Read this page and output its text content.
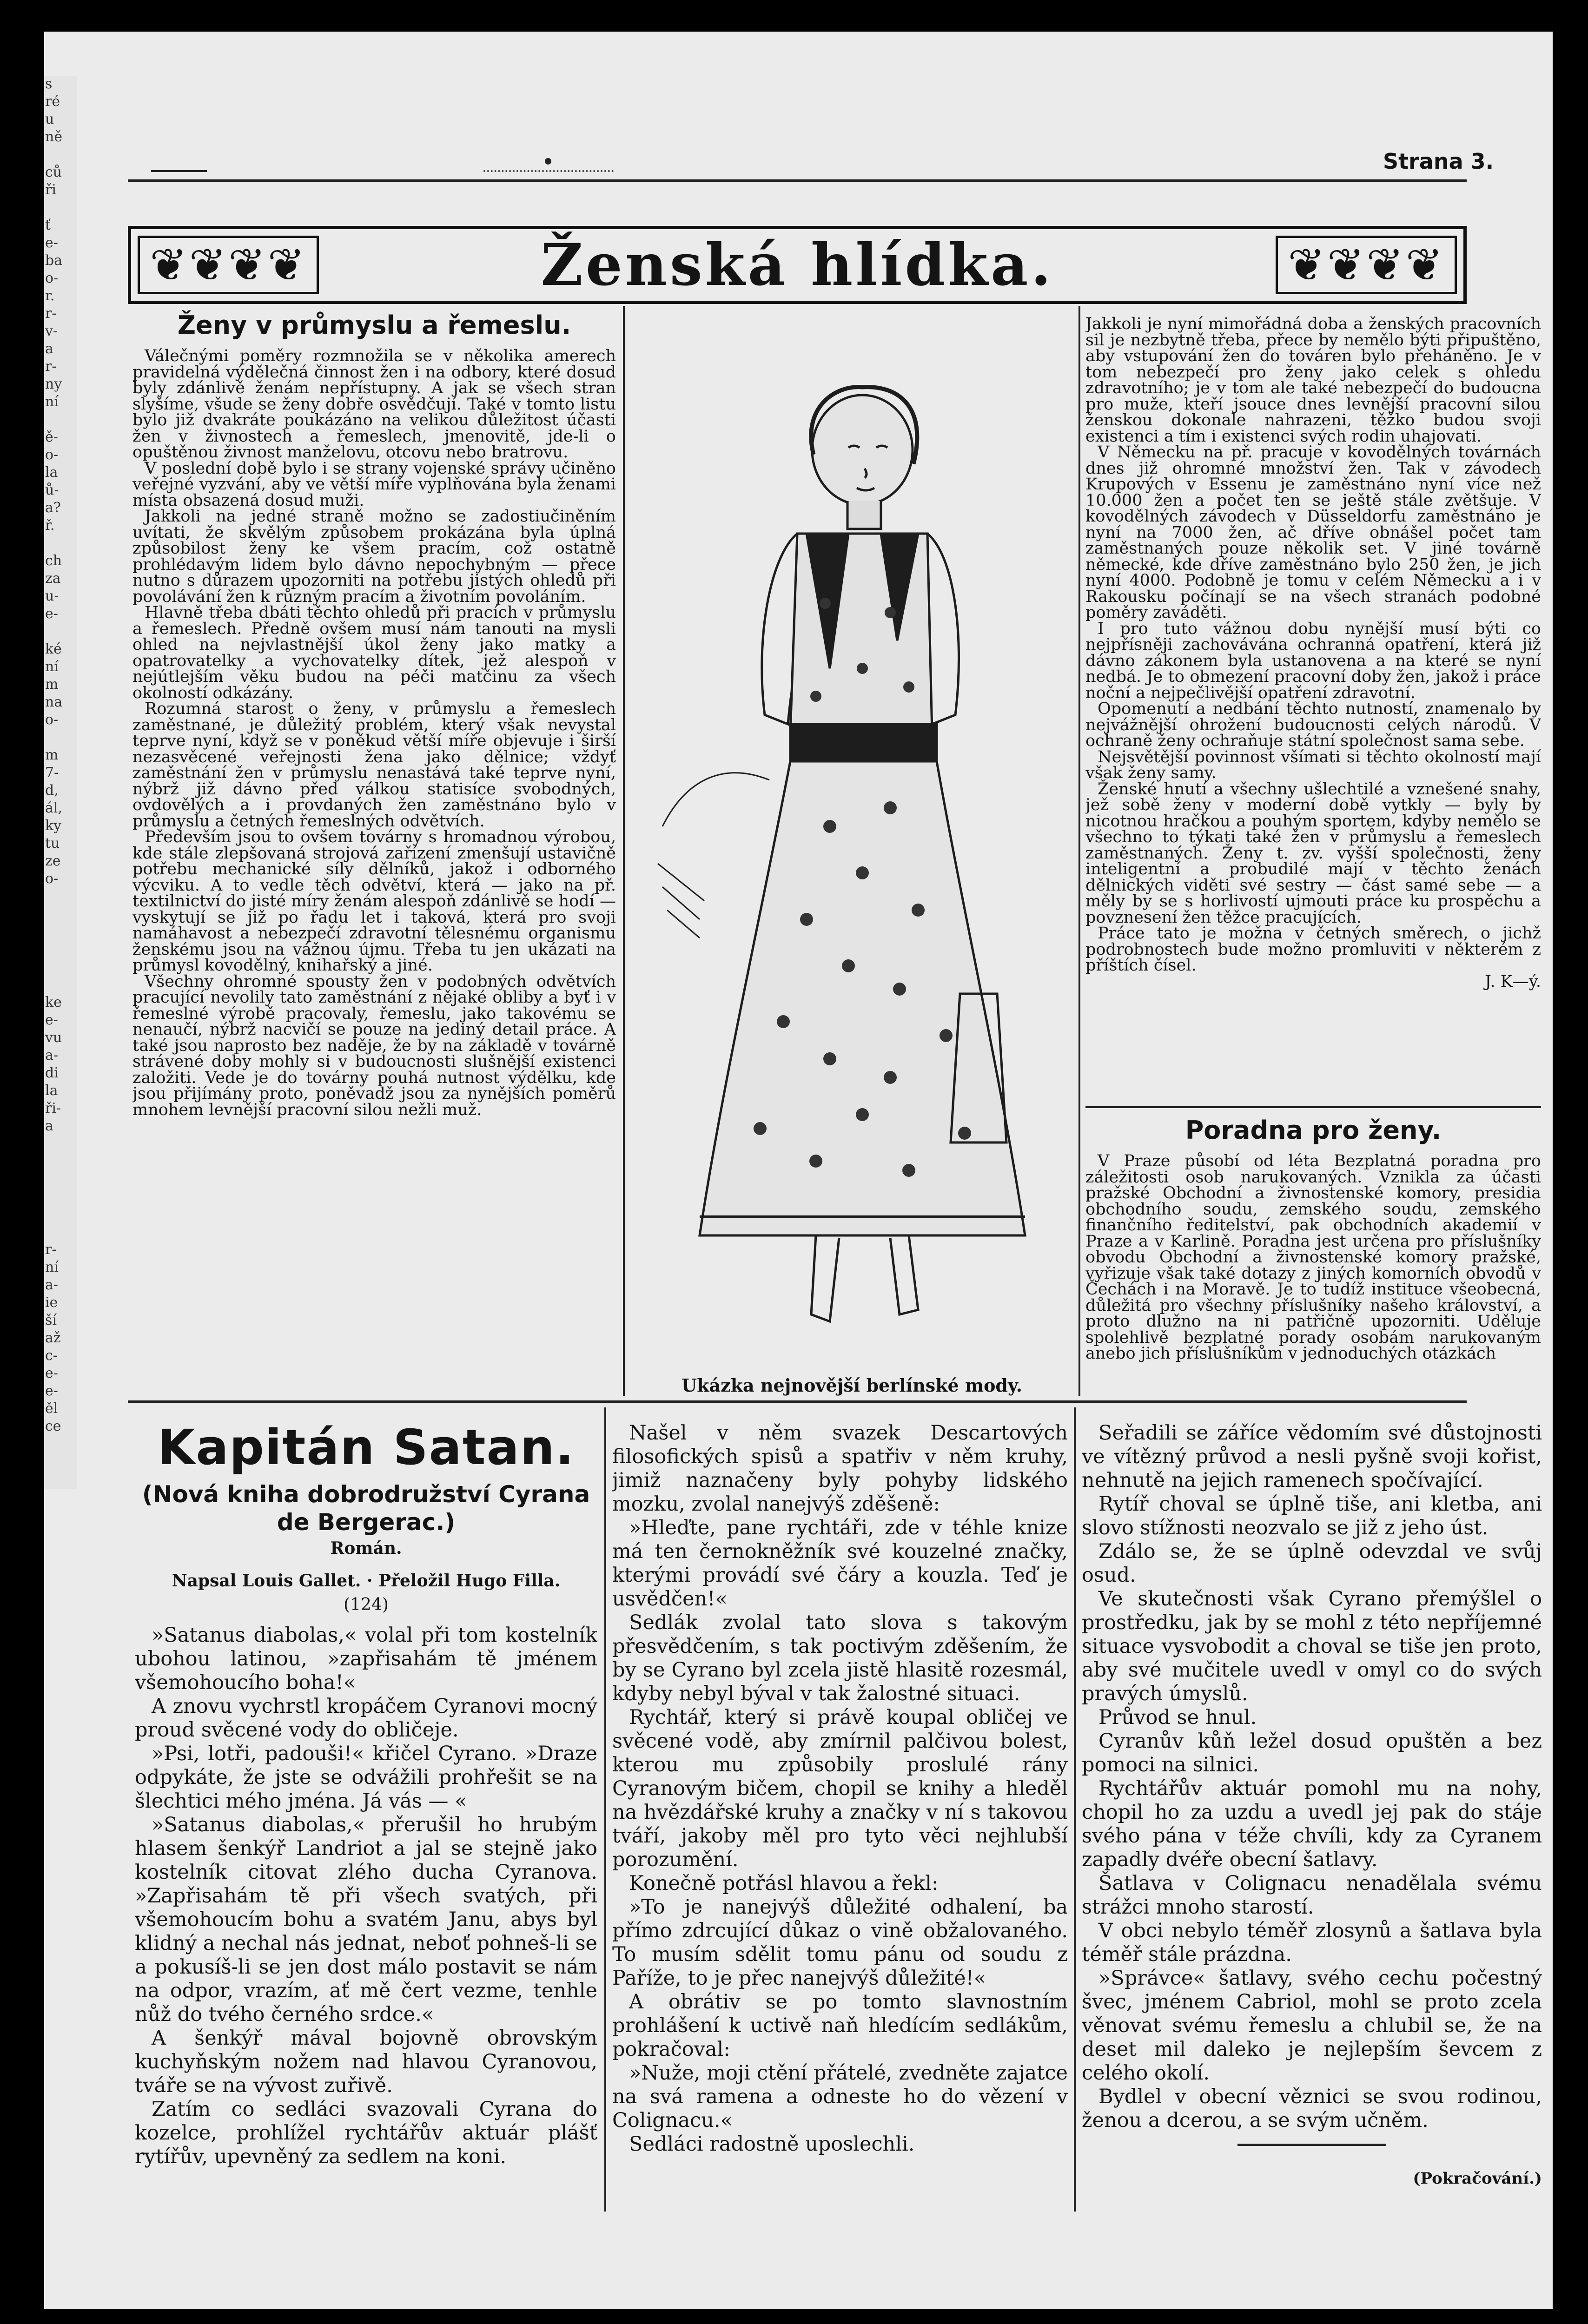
s
ré
u
ně
ců
ři
ť
e-
ba
o-
r.
r-
v-
a
r-
ny
ní
ě-
o-
la
ů-
a?
ř.
ch
za
u-
e-
ké
ní
m
na
o-
m
7-
d,
ál,
ky
tu
ze
o-
ke
e-
vu
a-
di
la
ři-
a
r-
ní
a-
ie
ší
až
c-
e-
e-
ěl
ce
Strana 3.
❦❦❦❦	Ženská hlídka.	❦❦❦❦
Ženy v průmyslu a řemeslu.

Válečnými poměry rozmnožila se v několika amerech pravidelná výdělečná činnost žen i na odbory, které dosud byly zdánlivě ženám nepřístupny. A jak se všech stran slyšíme, všude se ženy dobře osvědčují. Také v tomto listu bylo již dvakráte poukázáno na velikou důležitost účasti žen v živnostech a řemeslech, jmenovitě, jde-li o opuštěnou živnost manželovu, otcovu nebo bratrovu.

V poslední době bylo i se strany vojenské správy učiněno veřejné vyzvání, aby ve větší míře vyplňována byla ženami místa obsazená dosud muži.

Jakkoli na jedné straně možno se zadostiučiněním uvítati, že skvělým způsobem prokázána byla úplná způsobilost ženy ke všem pracím, což ostatně prohlédavým lidem bylo dávno nepochybným — přece nutno s důrazem upozorniti na potřebu jistých ohledů při povolávání žen k různým pracím a životním povoláním.

Hlavně třeba dbáti těchto ohledů při pracích v průmyslu a řemeslech. Předně ovšem musí nám tanouti na mysli ohled na nejvlastnější úkol ženy jako matky a opatrovatelky a vychovatelky dítek, jež alespoň v nejútlejším věku budou na péči matčinu za všech okolností odkázány.

Rozumná starost o ženy, v průmyslu a řemeslech zaměstnané, je důležitý problém, který však nevystal teprve nyní, když se v poněkud větší míře objevuje i širší nezasvěcené veřejnosti žena jako dělnice; vždyť zaměstnání žen v průmyslu nenastává také teprve nyní, nýbrž již dávno před válkou statisíce svobodných, ovdovělých a i provdaných žen zaměstnáno bylo v průmyslu a četných řemeslných odvětvích.

Především jsou to ovšem továrny s hromadnou výrobou, kde stále zlepšovaná strojová zařízení zmenšují ustavičně potřebu mechanické síly dělníků, jakož i odborného výcviku. A to vedle těch odvětví, která — jako na př. textilnictví do jisté míry ženám alespoň zdánlivě se hodí — vyskytují se již po řadu let i taková, která pro svoji namáhavost a nebezpečí zdravotní tělesnému organismu ženskému jsou na vážnou újmu. Třeba tu jen ukázati na průmysl kovodělný, knihařský a jiné.

Všechny ohromné spousty žen v podobných odvětvích pracující nevolily tato zaměstnání z nějaké obliby a byť i v řemeslné výrobě pracovaly, řemeslu, jako takovému se nenaučí, nýbrž nacvičí se pouze na jediný detail práce. A také jsou naprosto bez naděje, že by na základě v továrně strávené doby mohly si v budoucnosti slušnější existenci založiti. Vede je do továrny pouhá nutnost výdělku, kde jsou přijímány proto, poněvadž jsou za nynějších poměrů mnohem levnější pracovní silou nežli muž.

Ukázka nejnovější berlínské mody.

Jakkoli je nyní mimořádná doba a ženských pracovních sil je nezbytně třeba, přece by nemělo býti připuštěno, aby vstupování žen do továren bylo přeháněno. Je v tom nebezpečí pro ženy jako celek s ohledu zdravotního; je v tom ale také nebezpečí do budoucna pro muže, kteří jsouce dnes levnější pracovní silou ženskou dokonale nahrazeni, těžko budou svoji existenci a tím i existenci svých rodin uhajovati.

V Německu na př. pracuje v kovodělných továrnách dnes již ohromné množství žen. Tak v závodech Krupových v Essenu je zaměstnáno nyní více než 10.000 žen a počet ten se ještě stále zvětšuje. V kovodělných závodech v Düsseldorfu zaměstnáno je nyní na 7000 žen, ač dříve obnášel počet tam zaměstnaných pouze několik set. V jiné továrně německé, kde dříve zaměstnáno bylo 250 žen, je jich nyní 4000. Podobně je tomu v celém Německu a i v Rakousku počínají se na všech stranách podobné poměry zaváděti.

I pro tuto vážnou dobu nynější musí býti co nejpřísněji zachovávána ochranná opatření, která již dávno zákonem byla ustanovena a na které se nyní nedbá. Je to obmezení pracovní doby žen, jakož i práce noční a nejpečlivější opatření zdravotní.

Opomenutí a nedbání těchto nutností, znamenalo by nejvážnější ohrožení budoucnosti celých národů. V ochraně ženy ochraňuje státní společnost sama sebe.

Nejsvětější povinnost všímati si těchto okolností mají však ženy samy.

Ženské hnutí a všechny ušlechtilé a vznešené snahy, jež sobě ženy v moderní době vytkly — byly by nicotnou hračkou a pouhým sportem, kdyby nemělo se všechno to týkati také žen v průmyslu a řemeslech zaměstnaných. Ženy t. zv. vyšší společnosti, ženy inteligentní a probudilé mají v těchto ženách dělnických viděti své sestry — část samé sebe — a měly by se s horlivostí ujmouti práce ku prospěchu a povznesení žen těžce pracujících.

Práce tato je možna v četných směrech, o jichž podrobnostech bude možno promluviti v některém z příštích čísel.

J. K—ý.
Poradna pro ženy.

V Praze působí od léta Bezplatná poradna pro záležitosti osob narukovaných. Vznikla za účasti pražské Obchodní a živnostenské komory, presidia obchodního soudu, zemského soudu, zemského finančního ředitelství, pak obchodních akademií v Praze a v Karlině. Poradna jest určena pro příslušníky obvodu Obchodní a živnostenské komory pražské, vyřizuje však také dotazy z jiných komorních obvodů v Čechách i na Moravě. Je to tudíž instituce všeobecná, důležitá pro všechny příslušníky našeho království, a proto dlužno na ni patřičně upozorniti. Uděluje spolehlivě bezplatné porady osobám narukovaným anebo jich příslušníkům v jednoduchých otázkách

Kapitán Satan.
(Nová kniha dobrodružství Cyrana de Bergerac.)
Román.
Napsal Louis Gallet. · Přeložil Hugo Filla.
(124)

»Satanus diabolas,« volal při tom kostelník ubohou latinou, »zapřisahám tě jménem všemohoucího boha!«

A znovu vychrstl kropáčem Cyranovi mocný proud svěcené vody do obličeje.

»Psi, lotři, padouši!« křičel Cyrano. »Draze odpykáte, že jste se odvážili prohřešit se na šlechtici mého jména. Já vás — «

»Satanus diabolas,« přerušil ho hrubým hlasem šenkýř Landriot a jal se stejně jako kostelník citovat zlého ducha Cyranova. »Zapřisahám tě při všech svatých, při všemohoucím bohu a svatém Janu, abys byl klidný a nechal nás jednat, neboť pohneš-li se a pokusíš-li se jen dost málo postavit se nám na odpor, vrazím, ať mě čert vezme, tenhle nůž do tvého černého srdce.«

A šenkýř mával bojovně obrovským kuchyňským nožem nad hlavou Cyranovou, tváře se na vývost zuřivě.

Zatím co sedláci svazovali Cyrana do kozelce, prohlížel rychtářův aktuár plášť rytířův, upevněný za sedlem na koni.

Našel v něm svazek Descartových filosofických spisů a spatřiv v něm kruhy, jimiž naznačeny byly pohyby lidského mozku, zvolal nanejvýš zděšeně:

»Hleďte, pane rychtáři, zde v téhle knize má ten černokněžník své kouzelné značky, kterými provádí své čáry a kouzla. Teď je usvědčen!«

Sedlák zvolal tato slova s takovým přesvědčením, s tak poctivým zděšením, že by se Cyrano byl zcela jistě hlasitě rozesmál, kdyby nebyl býval v tak žalostné situaci.

Rychtář, který si právě koupal obličej ve svěcené vodě, aby zmírnil palčivou bolest, kterou mu způsobily proslulé rány Cyranovým bičem, chopil se knihy a hleděl na hvězdářské kruhy a značky v ní s takovou tváří, jakoby měl pro tyto věci nejhlubší porozumění.

Konečně potřásl hlavou a řekl:

»To je nanejvýš důležité odhalení, ba přímo zdrcující důkaz o vině obžalovaného. To musím sdělit tomu pánu od soudu z Paříže, to je přec nanejvýš důležité!«

A obrátiv se po tomto slavnostním prohlášení k uctivě naň hledícím sedlákům, pokračoval:

»Nuže, moji ctění přátelé, zvedněte zajatce na svá ramena a odneste ho do vězení v Colignacu.«

Sedláci radostně uposlechli.

Seřadili se záříce vědomím své důstojnosti ve vítězný průvod a nesli pyšně svoji kořist, nehnutě na jejich ramenech spočívající.

Rytíř choval se úplně tiše, ani kletba, ani slovo stížnosti neozvalo se již z jeho úst.

Zdálo se, že se úplně odevzdal ve svůj osud.

Ve skutečnosti však Cyrano přemýšlel o prostředku, jak by se mohl z této nepříjemné situace vysvobodit a choval se tiše jen proto, aby své mučitele uvedl v omyl co do svých pravých úmyslů.

Průvod se hnul.

Cyranův kůň ležel dosud opuštěn a bez pomoci na silnici.

Rychtářův aktuár pomohl mu na nohy, chopil ho za uzdu a uvedl jej pak do stáje svého pána v téže chvíli, kdy za Cyranem zapadly dvéře obecní šatlavy.

Šatlava v Colignacu nenadělala svému strážci mnoho starostí.

V obci nebylo téměř zlosynů a šatlava byla téměř stále prázdna.

»Správce« šatlavy, svého cechu počestný švec, jménem Cabriol, mohl se proto zcela věnovat svému řemeslu a chlubil se, že na deset mil daleko je nejlepším ševcem z celého okolí.

Bydlel v obecní věznici se svou rodinou, ženou a dcerou, a se svým učněm.

(Pokračování.)
